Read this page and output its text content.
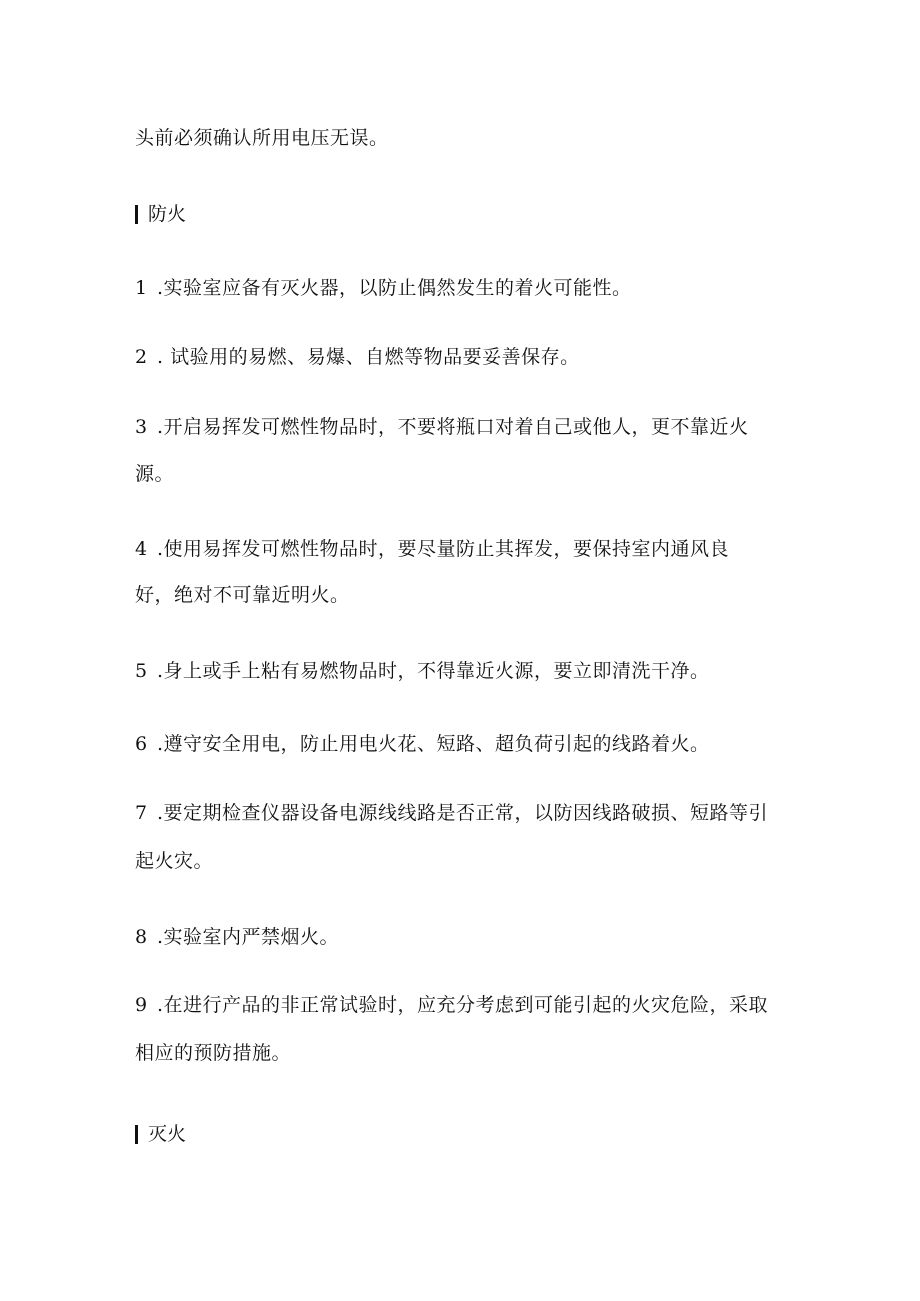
头前必须确认所用电压无误。
防火
1 .实验室应备有灭火器，以防止偶然发生的着火可能性。
2 . 试验用的易燃、易爆、自燃等物品要妥善保存。
3 .开启易挥发可燃性物品时，不要将瓶口对着自己或他人，更不靠近火
源。
4 .使用易挥发可燃性物品时，要尽量防止其挥发，要保持室内通风良
好，绝对不可靠近明火。
5 .身上或手上粘有易燃物品时，不得靠近火源，要立即清洗干净。
6 .遵守安全用电，防止用电火花、短路、超负荷引起的线路着火。
7 .要定期检查仪器设备电源线线路是否正常，以防因线路破损、短路等引
起火灾。
8 .实验室内严禁烟火。
9 .在进行产品的非正常试验时，应充分考虑到可能引起的火灾危险，采取
相应的预防措施。
灭火
